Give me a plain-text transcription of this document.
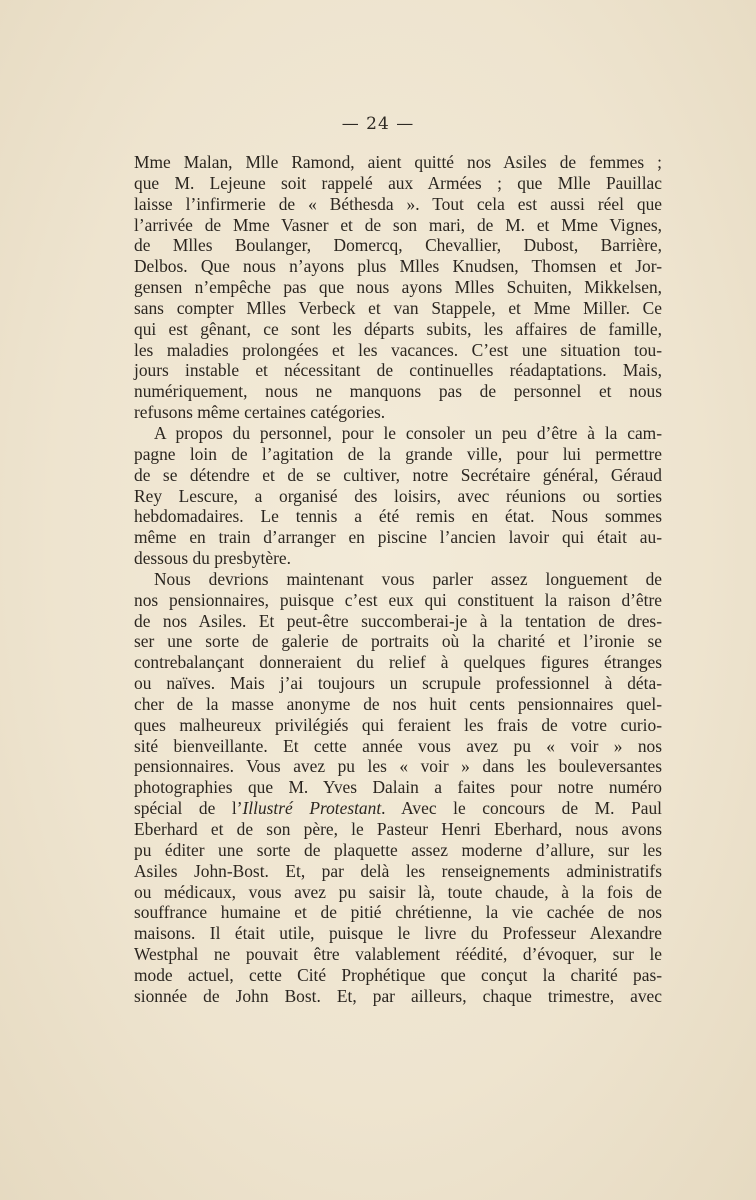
— 24 —
Mme Malan, Mlle Ramond, aient quitté nos Asiles de femmes ;
que M. Lejeune soit rappelé aux Armées ; que Mlle Pauillac
laisse l’infirmerie de « Béthesda ». Tout cela est aussi réel que
l’arrivée de Mme Vasner et de son mari, de M. et Mme Vignes,
de Mlles Boulanger, Domercq, Chevallier, Dubost, Barrière,
Delbos. Que nous n’ayons plus Mlles Knudsen, Thomsen et Jor-
gensen n’empêche pas que nous ayons Mlles Schuiten, Mikkelsen,
sans compter Mlles Verbeck et van Stappele, et Mme Miller. Ce
qui est gênant, ce sont les départs subits, les affaires de famille,
les maladies prolongées et les vacances. C’est une situation tou-
jours instable et nécessitant de continuelles réadaptations. Mais,
numériquement, nous ne manquons pas de personnel et nous
refusons même certaines catégories.
A propos du personnel, pour le consoler un peu d’être à la cam-
pagne loin de l’agitation de la grande ville, pour lui permettre
de se détendre et de se cultiver, notre Secrétaire général, Géraud
Rey Lescure, a organisé des loisirs, avec réunions ou sorties
hebdomadaires. Le tennis a été remis en état. Nous sommes
même en train d’arranger en piscine l’ancien lavoir qui était au-
dessous du presbytère.
Nous devrions maintenant vous parler assez longuement de
nos pensionnaires, puisque c’est eux qui constituent la raison d’être
de nos Asiles. Et peut-être succomberai-je à la tentation de dres-
ser une sorte de galerie de portraits où la charité et l’ironie se
contrebalançant donneraient du relief à quelques figures étranges
ou naïves. Mais j’ai toujours un scrupule professionnel à déta-
cher de la masse anonyme de nos huit cents pensionnaires quel-
ques malheureux privilégiés qui feraient les frais de votre curio-
sité bienveillante. Et cette année vous avez pu « voir » nos
pensionnaires. Vous avez pu les « voir » dans les bouleversantes
photographies que M. Yves Dalain a faites pour notre numéro
spécial de l’Illustré Protestant. Avec le concours de M. Paul
Eberhard et de son père, le Pasteur Henri Eberhard, nous avons
pu éditer une sorte de plaquette assez moderne d’allure, sur les
Asiles John-Bost. Et, par delà les renseignements administratifs
ou médicaux, vous avez pu saisir là, toute chaude, à la fois de
souffrance humaine et de pitié chrétienne, la vie cachée de nos
maisons. Il était utile, puisque le livre du Professeur Alexandre
Westphal ne pouvait être valablement réédité, d’évoquer, sur le
mode actuel, cette Cité Prophétique que conçut la charité pas-
sionnée de John Bost. Et, par ailleurs, chaque trimestre, avec
